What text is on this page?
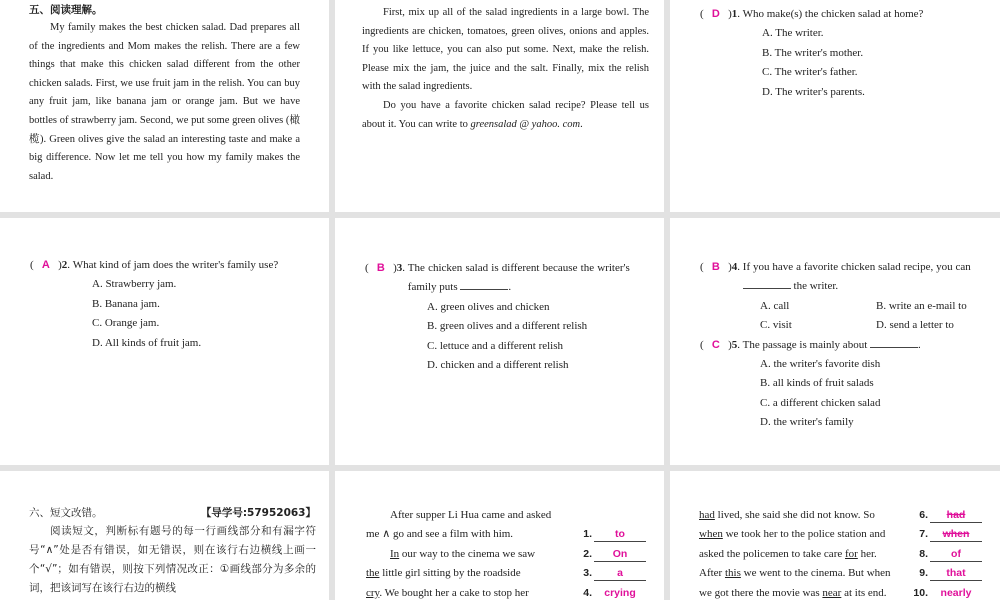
五、阅读理解。
My family makes the best chicken salad. Dad prepares all of the ingredients and Mom makes the relish. There are a few things that make this chicken salad different from the other chicken salads. First, we use fruit jam in the relish. You can buy any fruit jam, like banana jam or orange jam. But we have bottles of strawberry jam. Second, we put some green olives (橄榄). Green olives give the salad an interesting taste and make a big difference. Now let me tell you how my family makes the salad.
First, mix up all of the salad ingredients in a large bowl. The ingredients are chicken, tomatoes, green olives, onions and apples. If you like lettuce, you can also put some. Next, make the relish. Please mix the jam, the juice and the salt. Finally, mix the relish with the salad ingredients.
Do you have a favorite chicken salad recipe? Please tell us about it. You can write to greensalad @ yahoo. com.
(   D   )1. Who make(s) the chicken salad at home?
A. The writer.
B. The writer's mother.
C. The writer's father.
D. The writer's parents.
(   A   )2. What kind of jam does the writer's family use?
A. Strawberry jam.
B. Banana jam.
C. Orange jam.
D. All kinds of fruit jam.
(   B   )3. The chicken salad is different because the writer's family puts	.
A. green olives and chicken
B. green olives and a different relish
C. lettuce and a different relish
D. chicken and a different relish
(   B   )4. If you have a favorite chicken salad recipe, you can  the writer.
A. call	B. write an e-mail to
C. visit	D. send a letter to
(   C   )5. The passage is mainly about	.
A. the writer's favorite dish
B. all kinds of fruit salads
C. a different chicken salad
D. the writer's family
六、短文改错。	【导学号:57952063】
阅读短文，判断标有题号的每一行画线部分和有漏字符号“∧”处是否有错误，如无错误，则在该行右边横线上画一个“√”；如有错误，则按下列情况改正：①画线部分为多余的词，把该词写在该行右边的横线
After supper Li Hua came and asked
me ∧ go and see a film with him.	1.	to
In our way to the cinema we saw	2.	On
the little girl sitting by the roadside	3.	a
cry. We bought her a cake to stop her	4.	crying
had lived, she said she did not know. So	6.	had
when we took her to the police station and	7.	when
asked the policemen to take care for her.	8.	of
After this we went to the cinema. But when	9.	that
we got there the movie was near at its end.	10.	nearly
